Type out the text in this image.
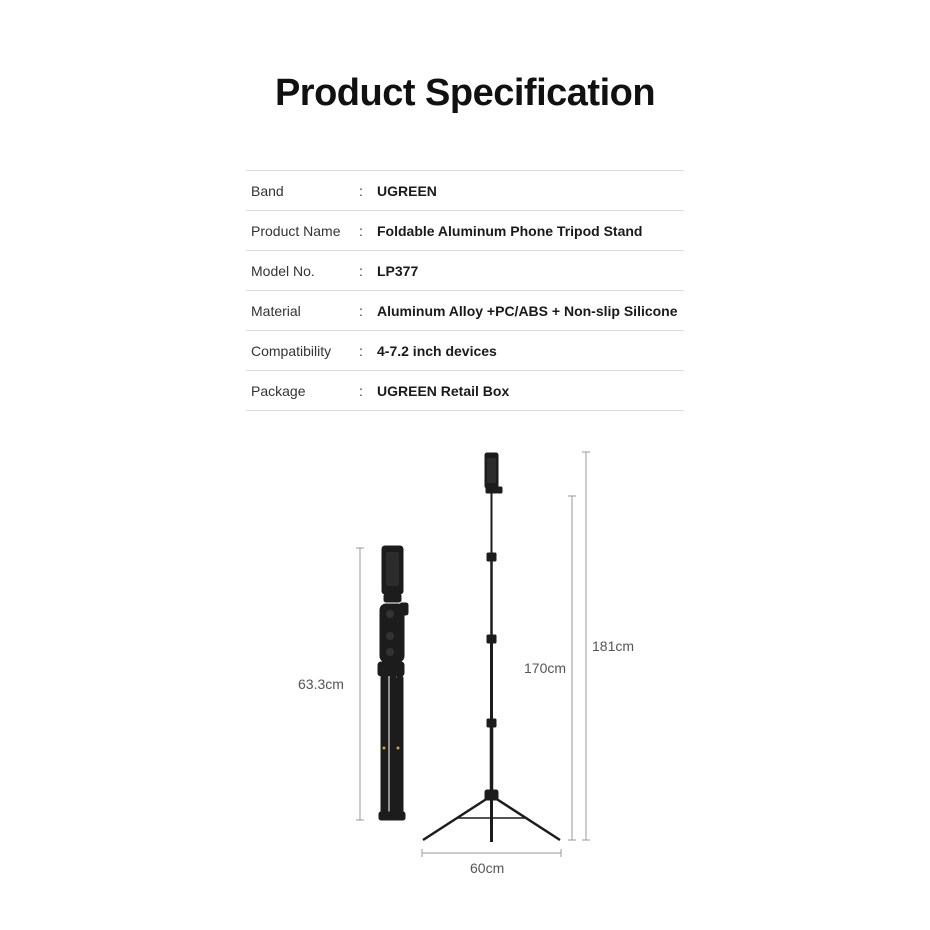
Product Specification
Band	:	UGREEN
Product Name	:	Foldable Aluminum Phone Tripod Stand
Model No.	:	LP377
Material	:	Aluminum Alloy +PC/ABS + Non-slip Silicone
Compatibility	:	4-7.2 inch devices
Package	:	UGREEN Retail Box
63.3cm
170cm
181cm
60cm
